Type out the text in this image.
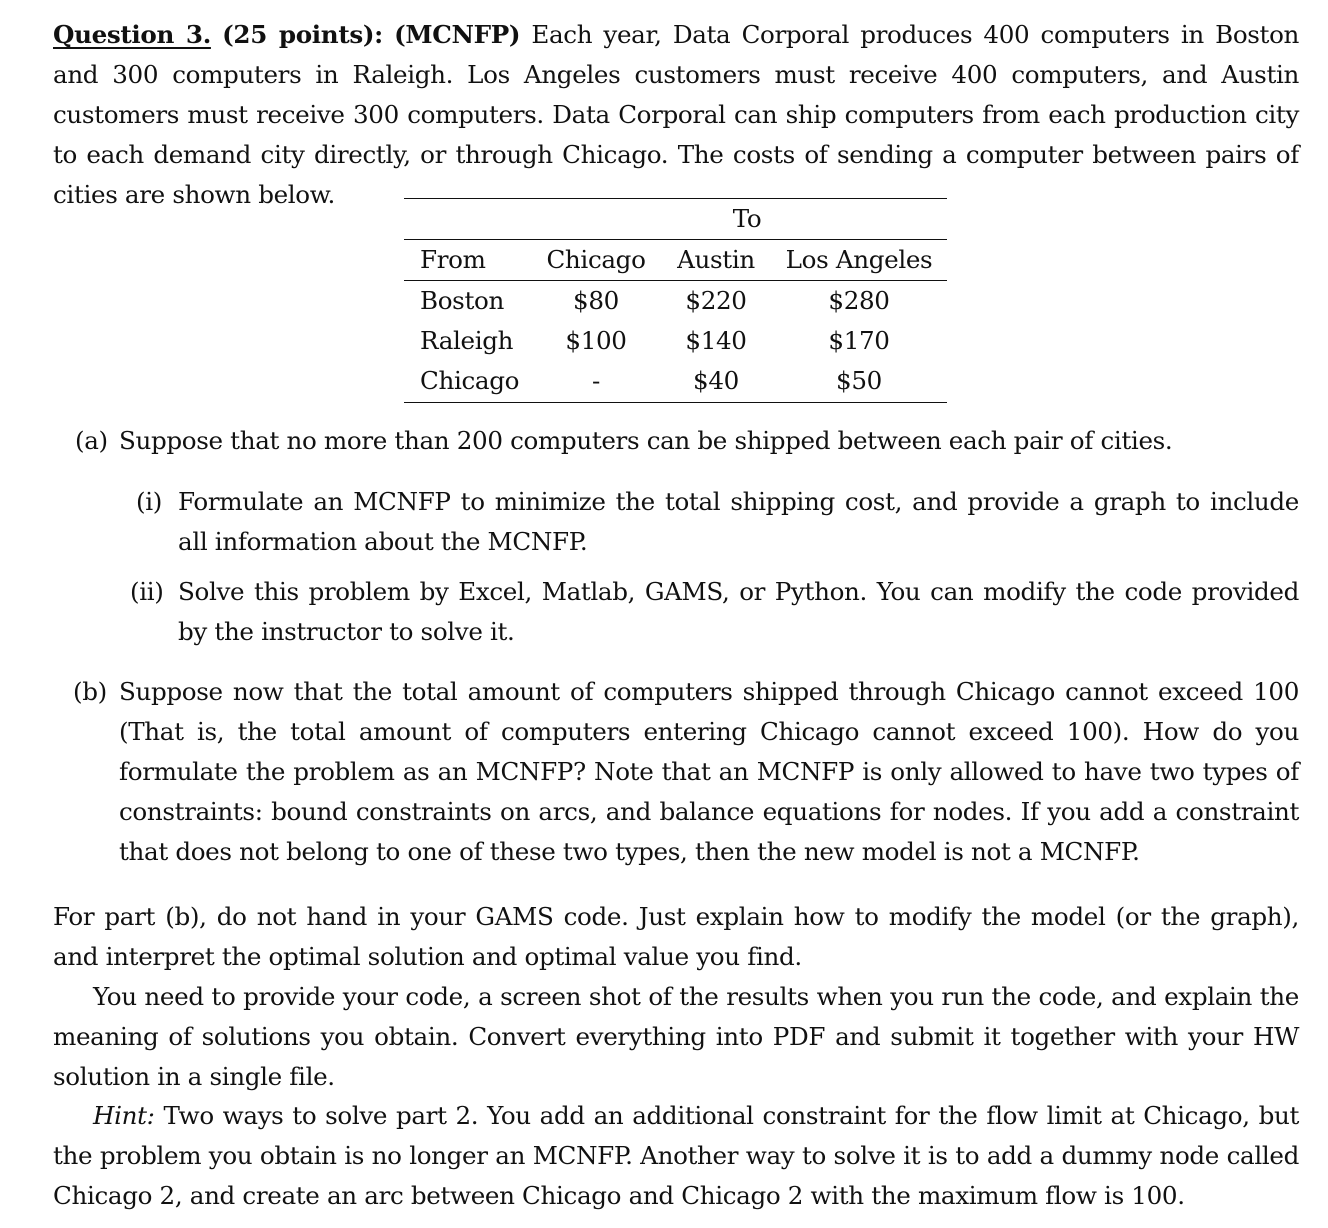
Question 3. (25 points): (MCNFP) Each year, Data Corporal produces 400 computers in Boston and 300 computers in Raleigh. Los Angeles customers must receive 400 computers, and Austin customers must receive 300 computers. Data Corporal can ship computers from each production city to each demand city directly, or through Chicago. The costs of sending a computer between pairs of cities are shown below.
To
From Chicago Austin Los Angeles
Boston	$80	$220	$280
Raleigh	$100	$140	$170
Chicago	-	$40	$50
(a) Suppose that no more than 200 computers can be shipped between each pair of cities.
(i) Formulate an MCNFP to minimize the total shipping cost, and provide a graph to include all information about the MCNFP.
(ii) Solve this problem by Excel, Matlab, GAMS, or Python. You can modify the code provided by the instructor to solve it.
(b) Suppose now that the total amount of computers shipped through Chicago cannot exceed 100 (That is, the total amount of computers entering Chicago cannot exceed 100). How do you formulate the problem as an MCNFP? Note that an MCNFP is only allowed to have two types of constraints: bound constraints on arcs, and balance equations for nodes. If you add a constraint that does not belong to one of these two types, then the new model is not a MCNFP.
For part (b), do not hand in your GAMS code. Just explain how to modify the model (or the graph), and interpret the optimal solution and optimal value you find.
You need to provide your code, a screen shot of the results when you run the code, and explain the meaning of solutions you obtain. Convert everything into PDF and submit it together with your HW solution in a single file.
Hint: Two ways to solve part 2. You add an additional constraint for the flow limit at Chicago, but the problem you obtain is no longer an MCNFP. Another way to solve it is to add a dummy node called Chicago 2, and create an arc between Chicago and Chicago 2 with the maximum flow is 100.
